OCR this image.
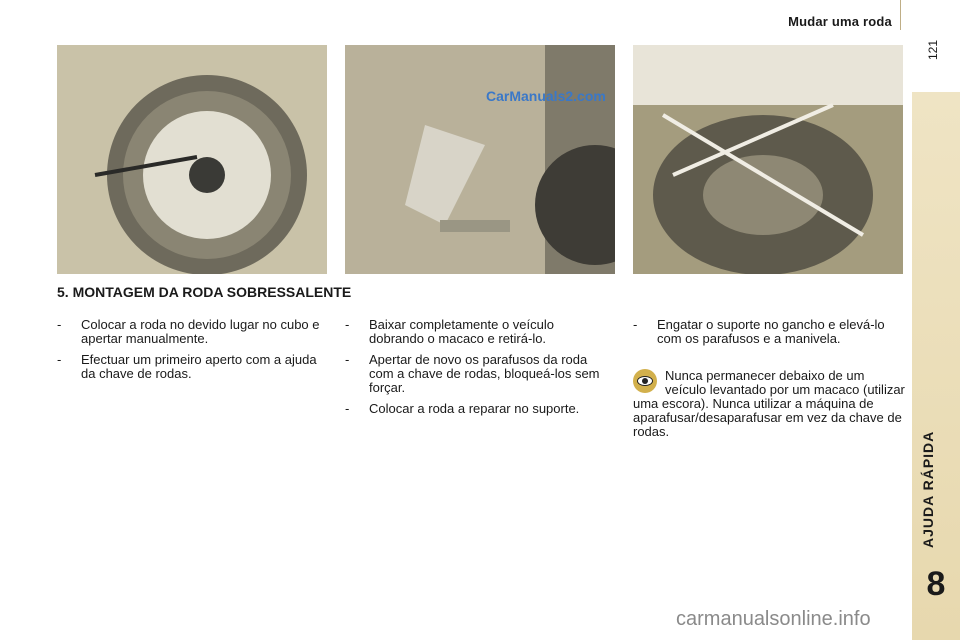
Mudar uma roda
121
AJUDA RÁPIDA
8
CarManuals2.com
5. MONTAGEM DA RODA SOBRESSALENTE
-	Colocar a roda no devido lugar no cubo e apertar manualmente.
-	Efectuar um primeiro aperto com a ajuda da chave de rodas.
-	Baixar completamente o veículo dobrando o macaco e retirá-lo.
-	Apertar de novo os parafusos da roda com a chave de rodas, bloqueá-los sem forçar.
-	Colocar a roda a reparar no suporte.
-	Engatar o suporte no gancho e elevá-lo com os parafusos e a manivela.
Nunca permanecer debaixo de um veículo levantado por um macaco (utilizar uma escora). Nunca utilizar a máquina de aparafusar/desaparafusar em vez da chave de rodas.
carmanualsonline.info
